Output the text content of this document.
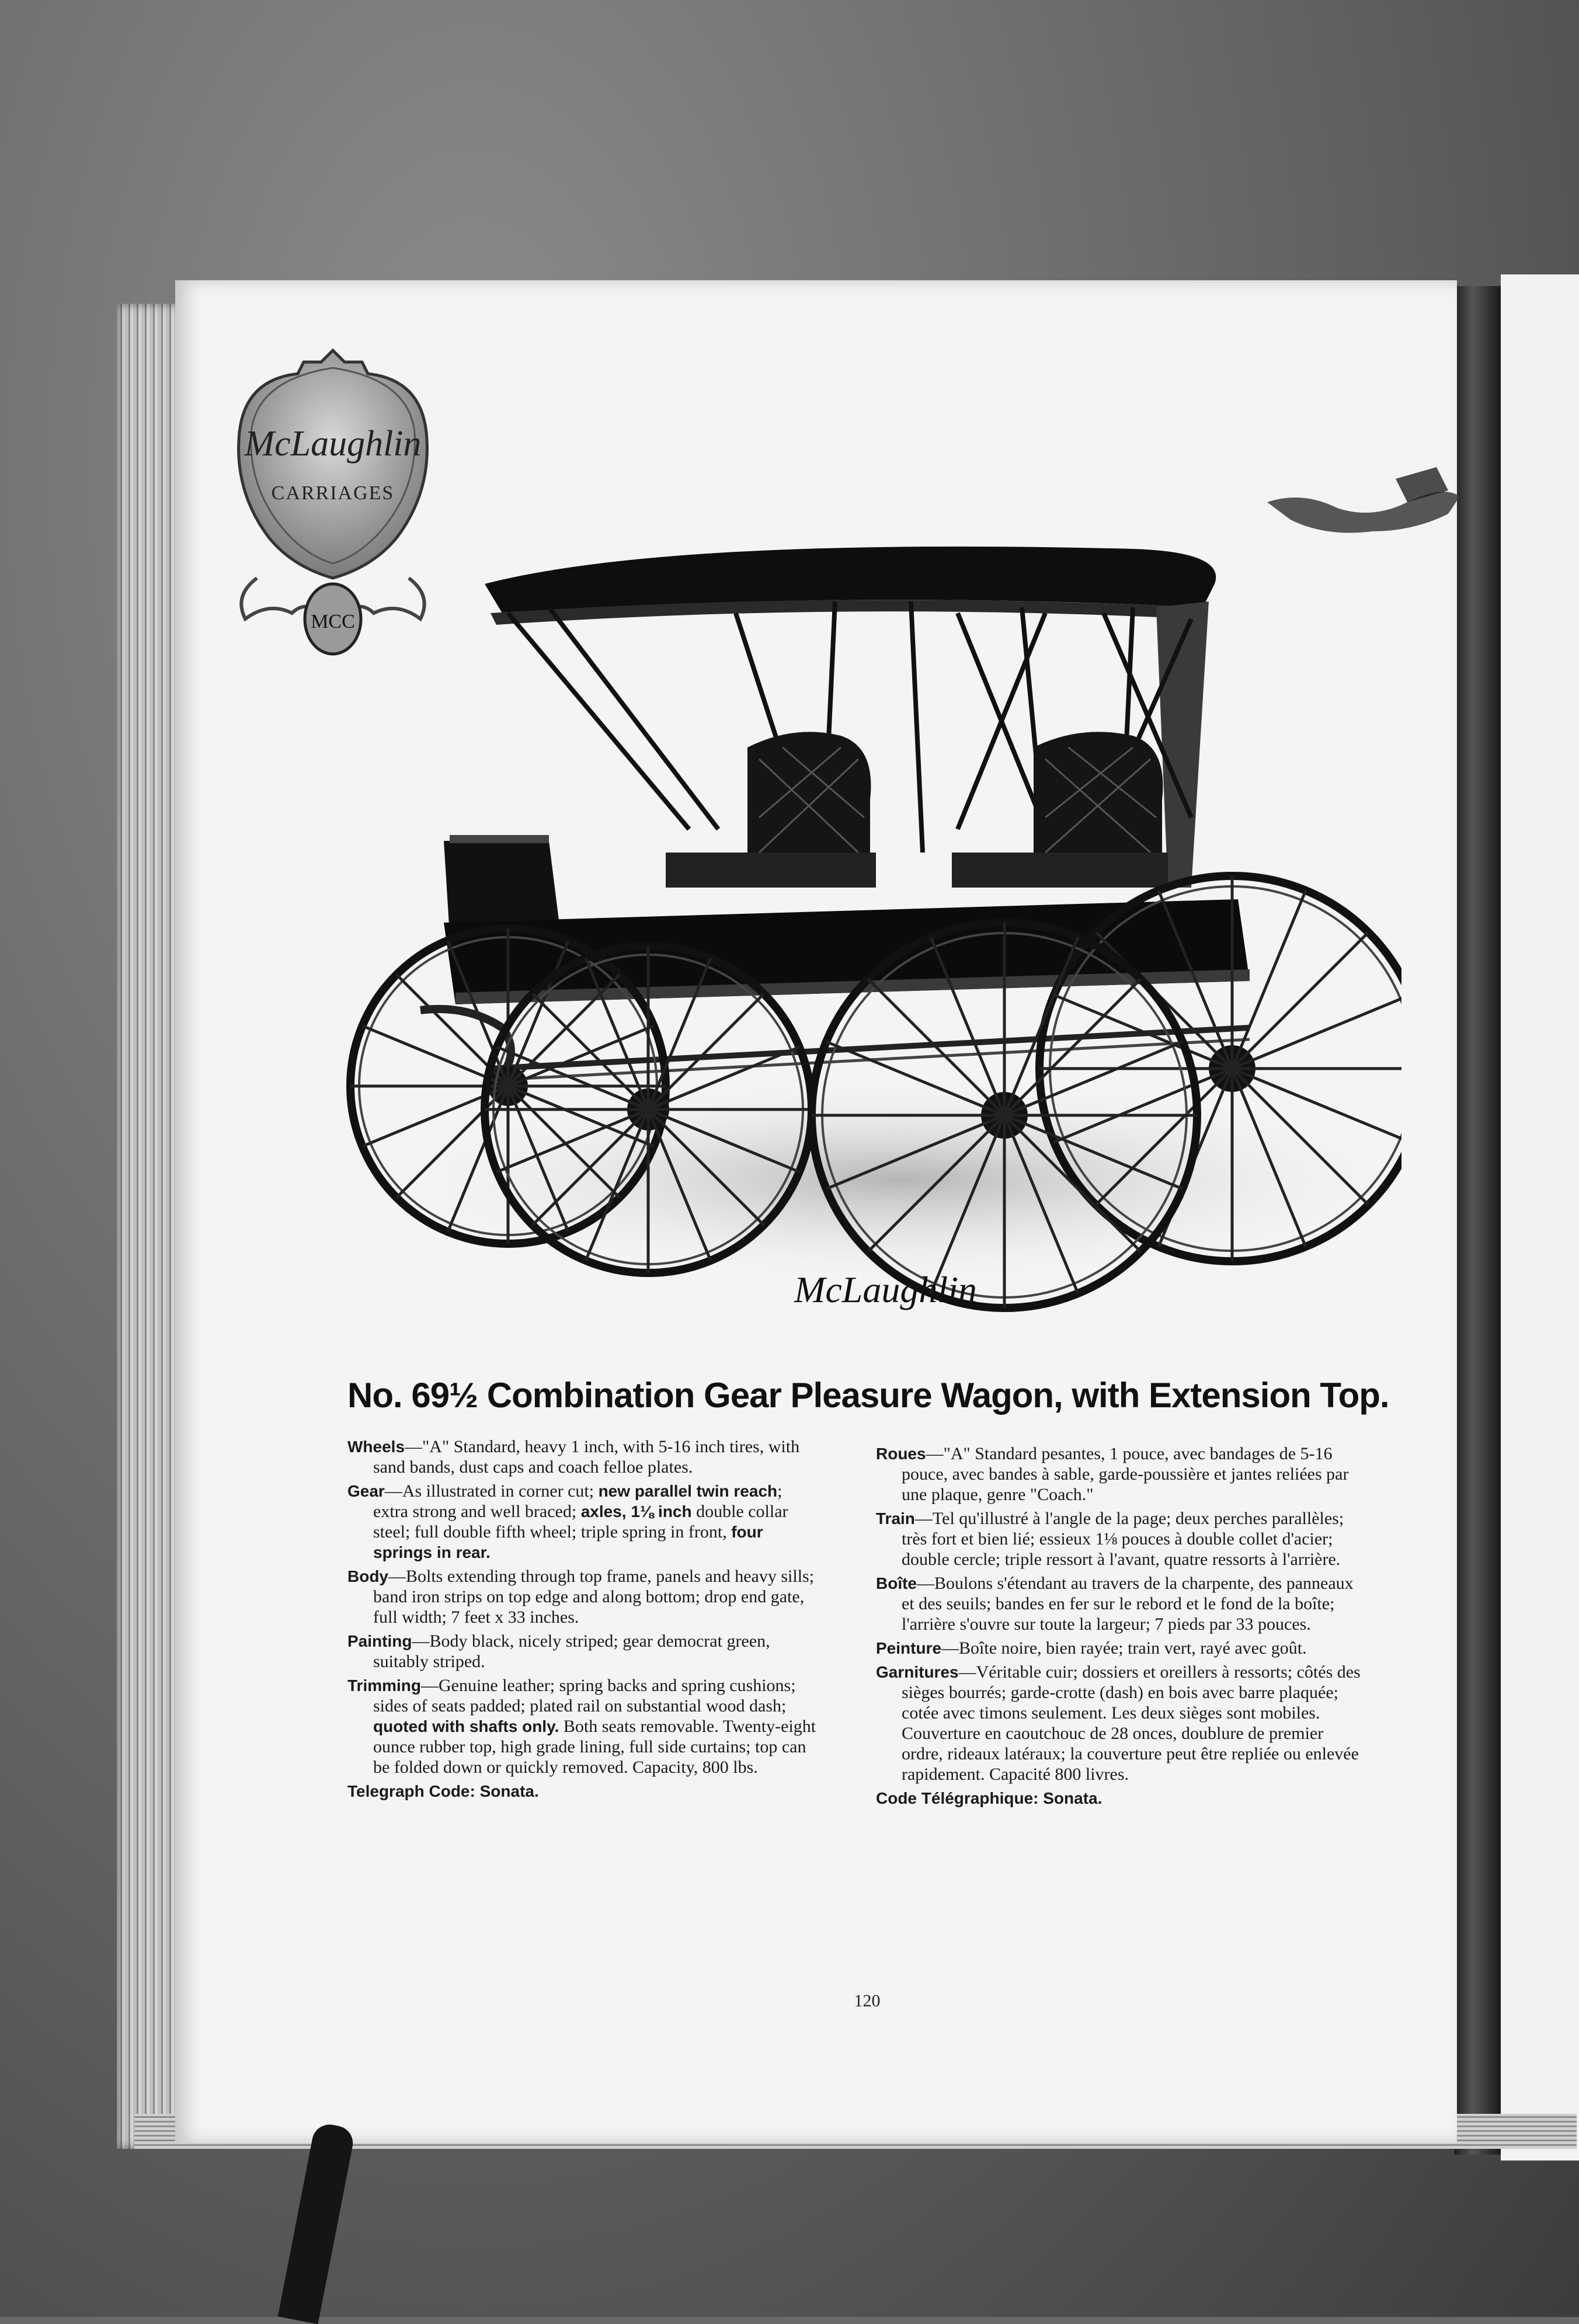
McLaughlin
CARRIAGES
MCC
McLaughlin
No. 69½ Combination Gear Pleasure Wagon, with Extension Top.

Wheels—"A" Standard, heavy 1 inch, with 5-16 inch tires, with sand bands, dust caps and coach felloe plates.

Gear—As illustrated in corner cut; new parallel twin reach; extra strong and well braced; axles, 1⅛ inch double collar steel; full double fifth wheel; triple spring in front, four springs in rear.

Body—Bolts extending through top frame, panels and heavy sills; band iron strips on top edge and along bottom; drop end gate, full width; 7 feet x 33 inches.

Painting—Body black, nicely striped; gear democrat green, suitably striped.

Trimming—Genuine leather; spring backs and spring cushions; sides of seats padded; plated rail on substantial wood dash; quoted with shafts only. Both seats removable. Twenty-eight ounce rubber top, high grade lining, full side curtains; top can be folded down or quickly removed. Capacity, 800 lbs.

Telegraph Code: Sonata.

Roues—"A" Standard pesantes, 1 pouce, avec bandages de 5-16 pouce, avec bandes à sable, garde-poussière et jantes reliées par une plaque, genre "Coach."

Train—Tel qu'illustré à l'angle de la page; deux perches parallèles; très fort et bien lié; essieux 1⅛ pouces à double collet d'acier; double cercle; triple ressort à l'avant, quatre ressorts à l'arrière.

Boîte—Boulons s'étendant au travers de la charpente, des panneaux et des seuils; bandes en fer sur le rebord et le fond de la boîte; l'arrière s'ouvre sur toute la largeur; 7 pieds par 33 pouces.

Peinture—Boîte noire, bien rayée; train vert, rayé avec goût.

Garnitures—Véritable cuir; dossiers et oreillers à ressorts; côtés des sièges bourrés; garde-crotte (dash) en bois avec barre plaquée; cotée avec timons seulement. Les deux sièges sont mobiles. Couverture en caoutchouc de 28 onces, doublure de premier ordre, rideaux latéraux; la couverture peut être repliée ou enlevée rapidement. Capacité 800 livres.

Code Télégraphique: Sonata.

120
